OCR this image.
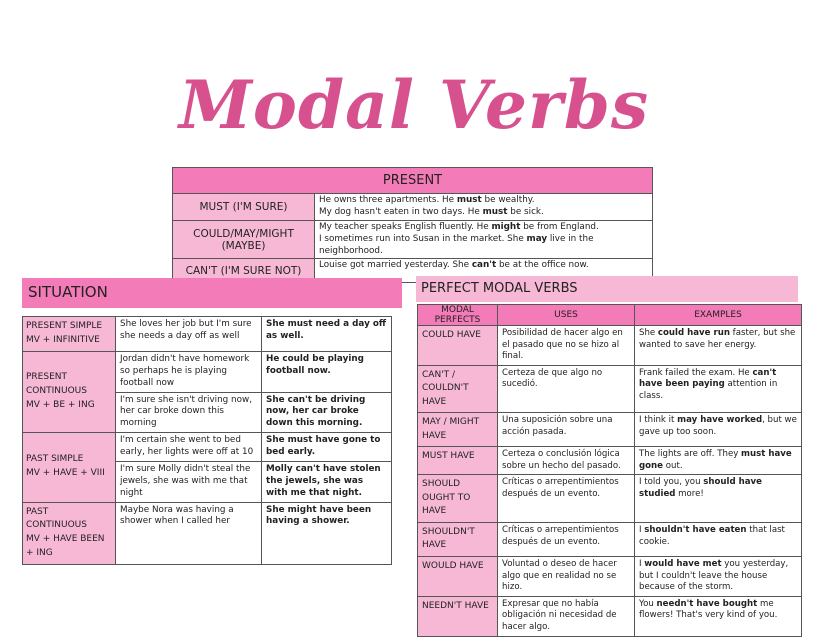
Modal Verbs
PRESENT	
MUST (I'M SURE)	He owns three apartments. He must be wealthy.
My dog hasn't eaten in two days. He must be sick.

COULD/MAY/MIGHT (MAYBE)	My teacher speaks English fluently. He might be from England.
I sometimes run into Susan in the market. She may live in the neighborhood.

CAN'T (I'M SURE NOT)	Louise got married yesterday. She can't be at the office now.
SITUATION
PRESENT SIMPLE
MV + INFINITIVE	She loves her job but I'm sure she needs a day off as well	She must need a day off as well.

PRESENT CONTINUOUS
MV + BE + ING	Jordan didn't have homework so perhaps he is playing football now	He could be playing football now.
	I'm sure she isn't driving now, her car broke down this morning	She can't be driving now, her car broke down this morning.

PAST SIMPLE
MV + HAVE + VIII	I'm certain she went to bed early, her lights were off at 10	She must have gone to bed early.
	I'm sure Molly didn't steal the jewels, she was with me that night	Molly can't have stolen the jewels, she was with me that night.

PAST CONTINUOUS
MV + HAVE BEEN + ING	Maybe Nora was having a shower when I called her	She might have been having a shower.
PERFECT MODAL VERBS
MODAL PERFECTS	USES	EXAMPLES
COULD HAVE	Posibilidad de hacer algo en el pasado que no se hizo al final.	She could have run faster, but she wanted to save her energy.
CAN'T / COULDN'T HAVE	Certeza de que algo no sucedió.	Frank failed the exam. He can't have been paying attention in class.
MAY / MIGHT HAVE	Una suposición sobre una acción pasada.	I think it may have worked, but we gave up too soon.
MUST HAVE	Certeza o conclusión lógica sobre un hecho del pasado.	The lights are off. They must have gone out.
SHOULD OUGHT TO HAVE	Críticas o arrepentimientos después de un evento.	I told you, you should have studied more!
SHOULDN'T HAVE	Críticas o arrepentimientos después de un evento.	I shouldn't have eaten that last cookie.
WOULD HAVE	Voluntad o deseo de hacer algo que en realidad no se hizo.	I would have met you yesterday, but I couldn't leave the house because of the storm.
NEEDN'T HAVE	Expresar que no había obligación ni necesidad de hacer algo.	You needn't have bought me flowers! That's very kind of you.
